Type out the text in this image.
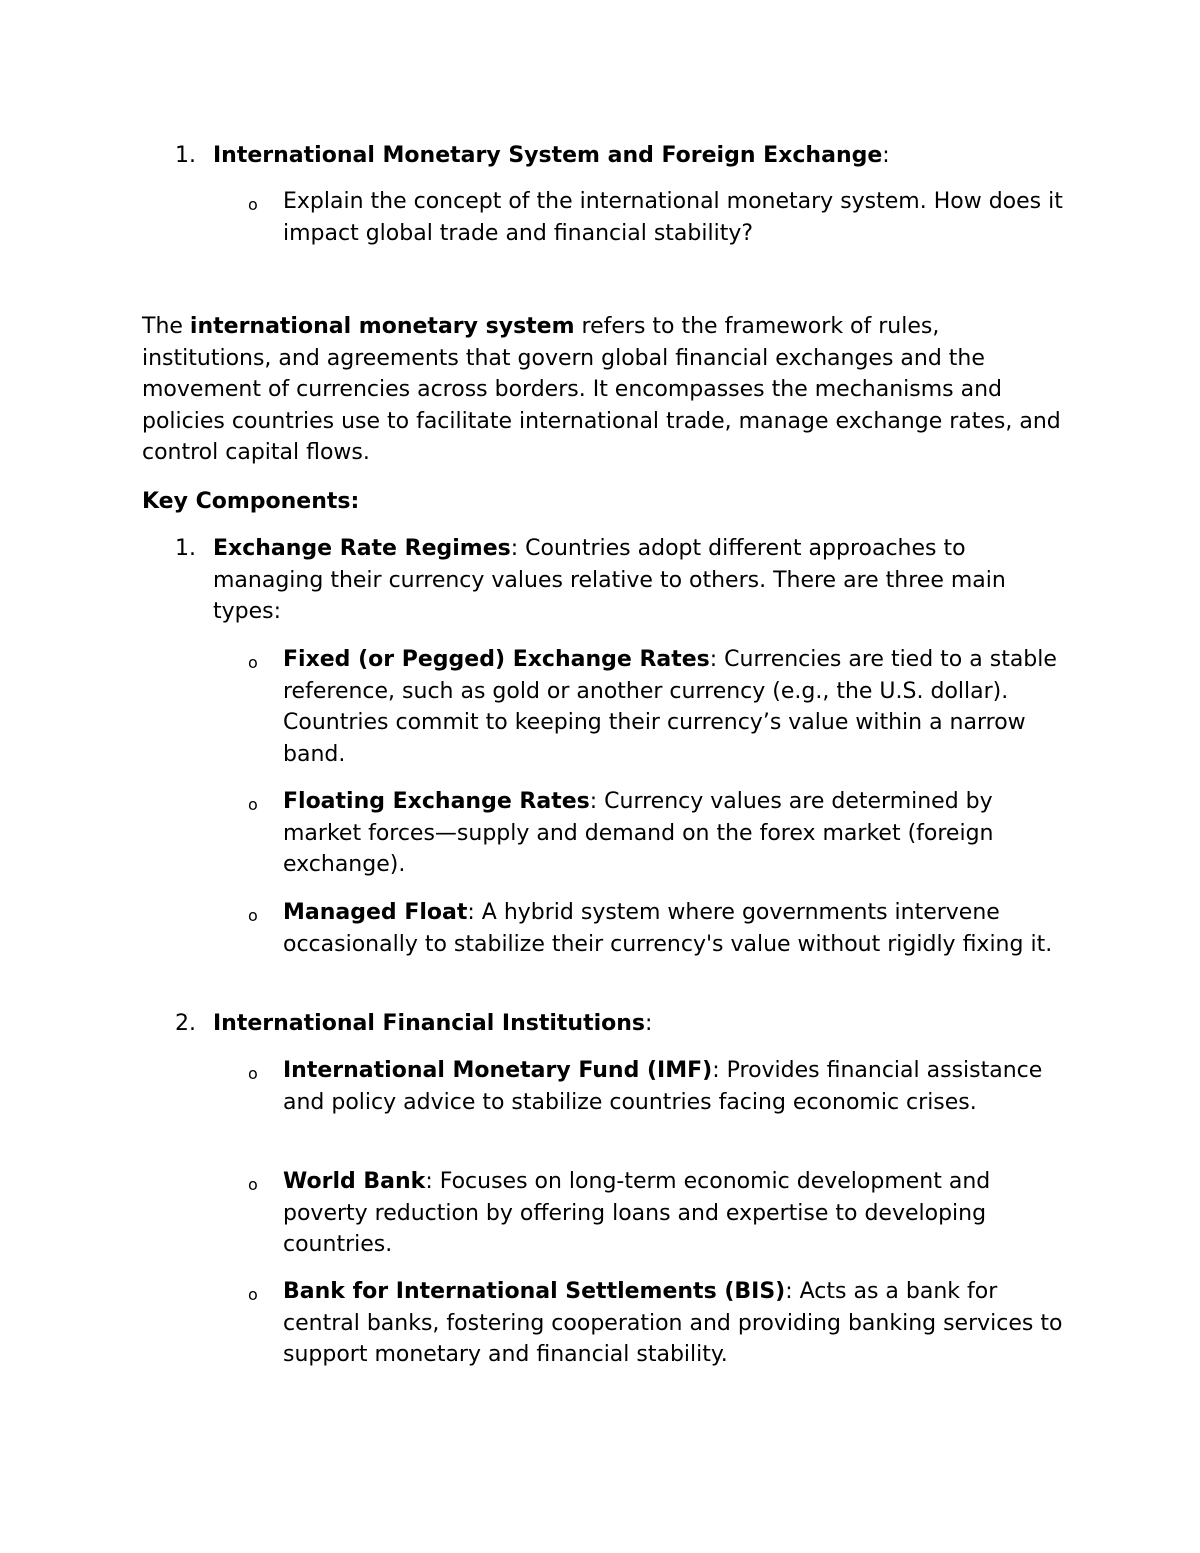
1. International Monetary System and Foreign Exchange:
o Explain the concept of the international monetary system. How does it impact global trade and financial stability?
The international monetary system refers to the framework of rules, institutions, and agreements that govern global financial exchanges and the movement of currencies across borders. It encompasses the mechanisms and policies countries use to facilitate international trade, manage exchange rates, and control capital flows.
Key Components:
1. Exchange Rate Regimes: Countries adopt different approaches to managing their currency values relative to others. There are three main types:
o Fixed (or Pegged) Exchange Rates: Currencies are tied to a stable reference, such as gold or another currency (e.g., the U.S. dollar). Countries commit to keeping their currency’s value within a narrow band.
o Floating Exchange Rates: Currency values are determined by market forces—supply and demand on the forex market (foreign exchange).
o Managed Float: A hybrid system where governments intervene occasionally to stabilize their currency's value without rigidly fixing it.
2. International Financial Institutions:
o International Monetary Fund (IMF): Provides financial assistance and policy advice to stabilize countries facing economic crises.
o World Bank: Focuses on long-term economic development and poverty reduction by offering loans and expertise to developing countries.
o Bank for International Settlements (BIS): Acts as a bank for central banks, fostering cooperation and providing banking services to support monetary and financial stability.
